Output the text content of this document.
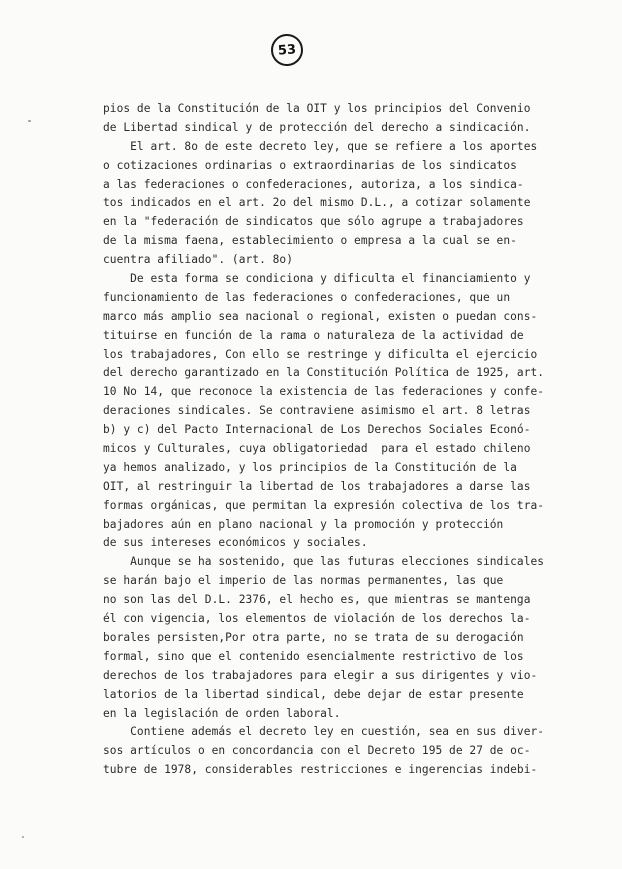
53
pios de la Constitución de la OIT y los principios del Convenio
de Libertad sindical y de protección del derecho a sindicación.
El art. 8o de este decreto ley, que se refiere a los aportes
o cotizaciones ordinarias o extraordinarias de los sindicatos
a las federaciones o confederaciones, autoriza, a los sindica-
tos indicados en el art. 2o del mismo D.L., a cotizar solamente
en la "federación de sindicatos que sólo agrupe a trabajadores
de la misma faena, establecimiento o empresa a la cual se en-
cuentra afiliado". (art. 8o)
De esta forma se condiciona y dificulta el financiamiento y
funcionamiento de las federaciones o confederaciones, que un
marco más amplio sea nacional o regional, existen o puedan cons-
tituirse en función de la rama o naturaleza de la actividad de
los trabajadores, Con ello se restringe y dificulta el ejercicio
del derecho garantizado en la Constitución Política de 1925, art.
10 No 14, que reconoce la existencia de las federaciones y confe-
deraciones sindicales. Se contraviene asimismo el art. 8 letras
b) y c) del Pacto Internacional de Los Derechos Sociales Econó-
micos y Culturales, cuya obligatoriedad  para el estado chileno
ya hemos analizado, y los principios de la Constitución de la
OIT, al restringuir la libertad de los trabajadores a darse las
formas orgánicas, que permitan la expresión colectiva de los tra-
bajadores aún en plano nacional y la promoción y protección
de sus intereses económicos y sociales.
Aunque se ha sostenido, que las futuras elecciones sindicales
se harán bajo el imperio de las normas permanentes, las que
no son las del D.L. 2376, el hecho es, que mientras se mantenga
él con vigencia, los elementos de violación de los derechos la-
borales persisten,Por otra parte, no se trata de su derogación
formal, sino que el contenido esencialmente restrictivo de los
derechos de los trabajadores para elegir a sus dirigentes y vio-
latorios de la libertad sindical, debe dejar de estar presente
en la legislación de orden laboral.
Contiene además el decreto ley en cuestión, sea en sus diver-
sos artículos o en concordancia con el Decreto 195 de 27 de oc-
tubre de 1978, considerables restricciones e ingerencias indebi-
